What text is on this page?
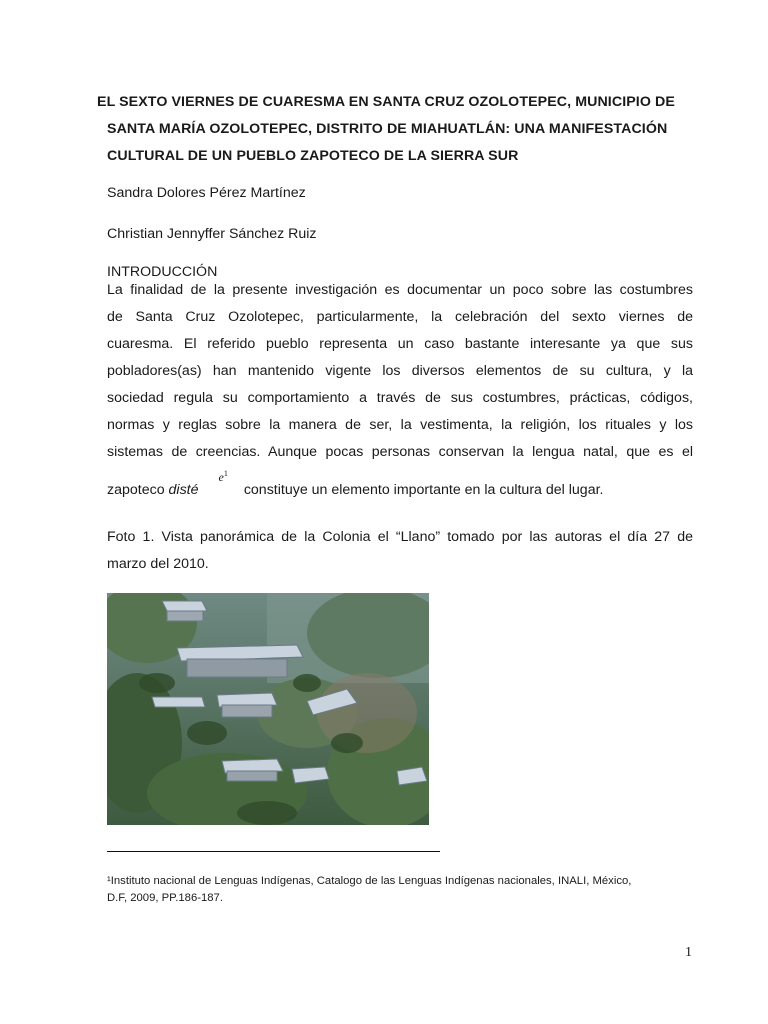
EL SEXTO VIERNES DE CUARESMA EN SANTA CRUZ OZOLOTEPEC, MUNICIPIO DE
SANTA MARÍA OZOLOTEPEC, DISTRITO DE MIAHUATLÁN: UNA MANIFESTACIÓN
CULTURAL DE UN PUEBLO ZAPOTECO DE LA SIERRA SUR
Sandra Dolores Pérez Martínez
Christian Jennyffer Sánchez Ruiz
INTRODUCCIÓN
La finalidad de la presente investigación es documentar un poco sobre las costumbres
de Santa Cruz Ozolotepec, particularmente, la celebración del sexto viernes de
cuaresma. El referido pueblo representa un caso bastante interesante ya que sus
pobladores(as) han mantenido vigente los diversos elementos de su cultura, y la
sociedad regula su comportamiento a través de sus costumbres, prácticas, códigos,
normas y reglas sobre la manera de ser, la vestimenta, la religión, los rituales y los
sistemas de creencias. Aunque pocas personas conservan la lengua natal, que es el
zapoteco disté$^{e^1}$constituye un elemento importante en la cultura del lugar.
Foto 1. Vista panorámica de la Colonia el “Llano” tomado por las autoras el día 27 de
marzo del 2010.
¹Instituto nacional de Lenguas Indígenas, Catalogo de las Lenguas Indígenas nacionales, INALI, México,
D.F, 2009, PP.186-187.
1
